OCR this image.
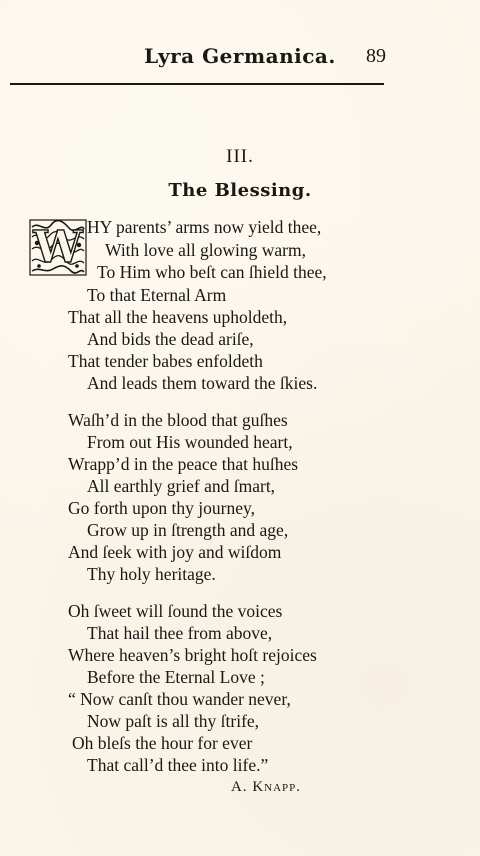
Lyra Germanica.	89
III.
The Blessing.
W HY parents’ arms now yield thee,
With love all glowing warm,
To Him who beſt can ſhield thee,
To that Eternal Arm
That all the heavens upholdeth,
And bids the dead ariſe,
That tender babes enfoldeth
And leads them toward the ſkies.
Waſh’d in the blood that guſhes
From out His wounded heart,
Wrapp’d in the peace that huſhes
All earthly grief and ſmart,
Go forth upon thy journey,
Grow up in ſtrength and age,
And ſeek with joy and wiſdom
Thy holy heritage.
Oh ſweet will ſound the voices
That hail thee from above,
Where heaven’s bright hoſt rejoices
Before the Eternal Love ;
“ Now canſt thou wander never,
Now paſt is all thy ſtrife,
Oh bleſs the hour for ever
That call’d thee into life.”
A. Knapp.
